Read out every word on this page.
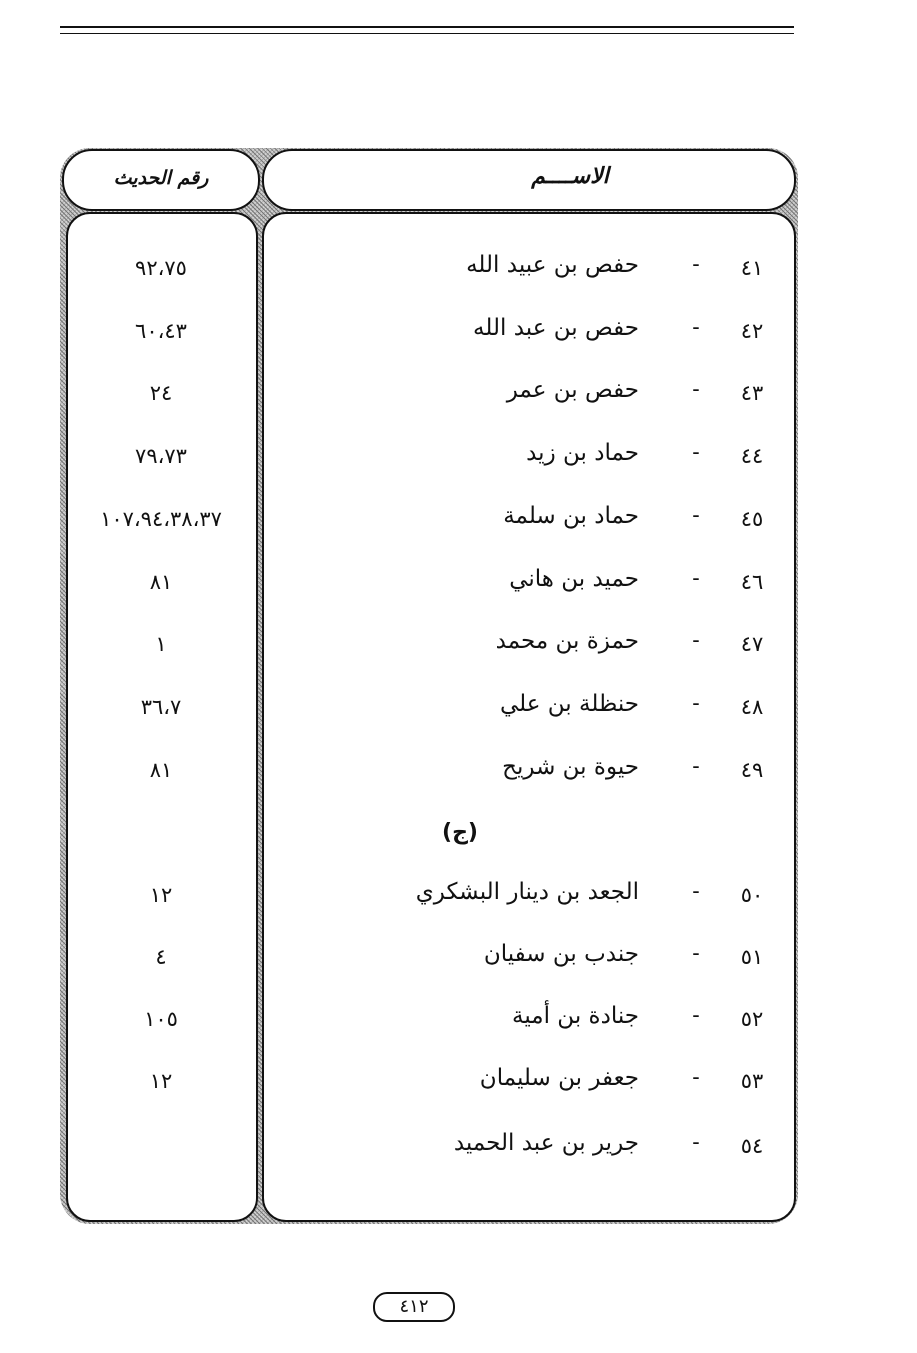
رقم الحديث	الاســــم
٩٢،٧٥	حفص بن عبيد الله -	٤١
٦٠،٤٣	حفص بن عبد الله -	٤٢
٢٤	حفص بن عمر -	٤٣
٧٩،٧٣	حماد بن زيد -	٤٤
١٠٧،٩٤،٣٨،٣٧	حماد بن سلمة -	٤٥
٨١	حميد بن هاني -	٤٦
١	حمزة بن محمد -	٤٧
٣٦،٧	حنظلة بن علي -	٤٨
٨١	حيوة بن شريح -	٤٩
(ج)
١٢	الجعد بن دينار البشكري -	٥٠
٤	جندب بن سفيان -	٥١
١٠٥	جنادة بن أمية -	٥٢
١٢	جعفر بن سليمان -	٥٣
جرير بن عبد الحميد -	٥٤
٤١٢
